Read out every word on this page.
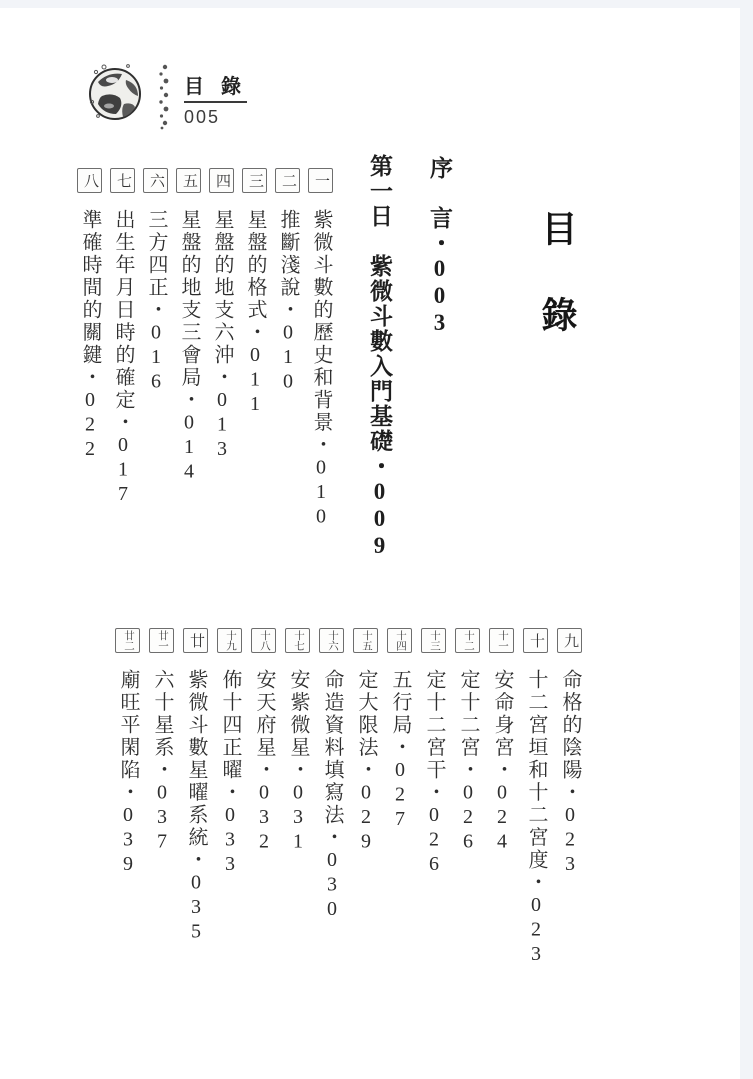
目 錄
005
目　錄
序　言・003
第一日　紫微斗數入門基礎・009
一
紫微斗數的歷史和背景・010
二
推斷淺說・010
三
星盤的格式・011
四
星盤的地支六沖・013
五
星盤的地支三會局・014
六
三方四正・016
七
出生年月日時的確定・017
八
準確時間的關鍵・022
九
命格的陰陽・023
十
十二宮垣和十二宮度・023
十一
安命身宮・024
十二
定十二宮・026
十三
定十二宮干・026
十四
五行局・027
十五
定大限法・029
十六
命造資料填寫法・030
十七
安紫微星・031
十八
安天府星・032
十九
佈十四正曜・033
廿
紫微斗數星曜系統・035
廿一
六十星系・037
廿二
廟旺平閑陷・039
